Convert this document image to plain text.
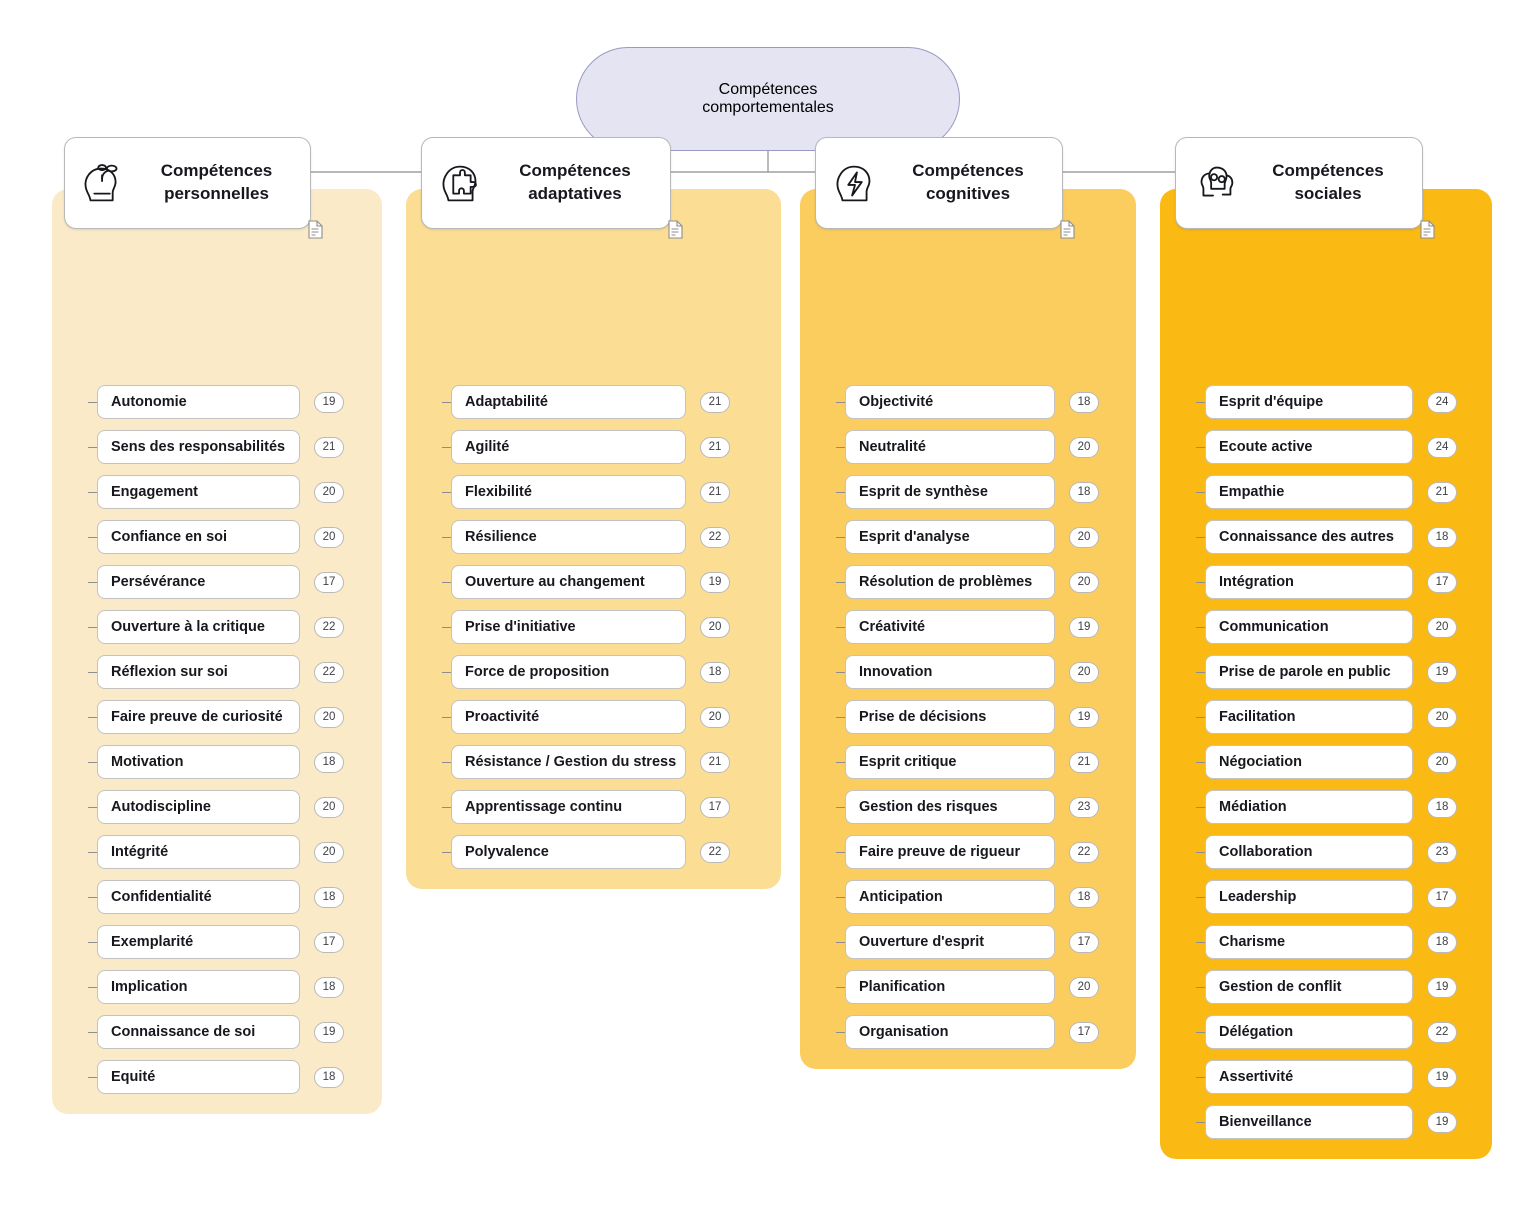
Compétences
comportementales
Compétences
personnelles
Autonomie	19
Sens des responsabilités	21
Engagement	20
Confiance en soi	20
Persévérance	17
Ouverture à la critique	22
Réflexion sur soi	22
Faire preuve de curiosité	20
Motivation	18
Autodiscipline	20
Intégrité	20
Confidentialité	18
Exemplarité	17
Implication	18
Connaissance de soi	19
Equité	18
Compétences
adaptatives
Adaptabilité	21
Agilité	21
Flexibilité	21
Résilience	22
Ouverture au changement	19
Prise d'initiative	20
Force de proposition	18
Proactivité	20
Résistance / Gestion du stress	21
Apprentissage continu	17
Polyvalence	22
Compétences
cognitives
Objectivité	18
Neutralité	20
Esprit de synthèse	18
Esprit d'analyse	20
Résolution de problèmes	20
Créativité	19
Innovation	20
Prise de décisions	19
Esprit critique	21
Gestion des risques	23
Faire preuve de rigueur	22
Anticipation	18
Ouverture d'esprit	17
Planification	20
Organisation	17
Compétences
sociales
Esprit d'équipe	24
Ecoute active	24
Empathie	21
Connaissance des autres	18
Intégration	17
Communication	20
Prise de parole en public	19
Facilitation	20
Négociation	20
Médiation	18
Collaboration	23
Leadership	17
Charisme	18
Gestion de conflit	19
Délégation	22
Assertivité	19
Bienveillance	19
